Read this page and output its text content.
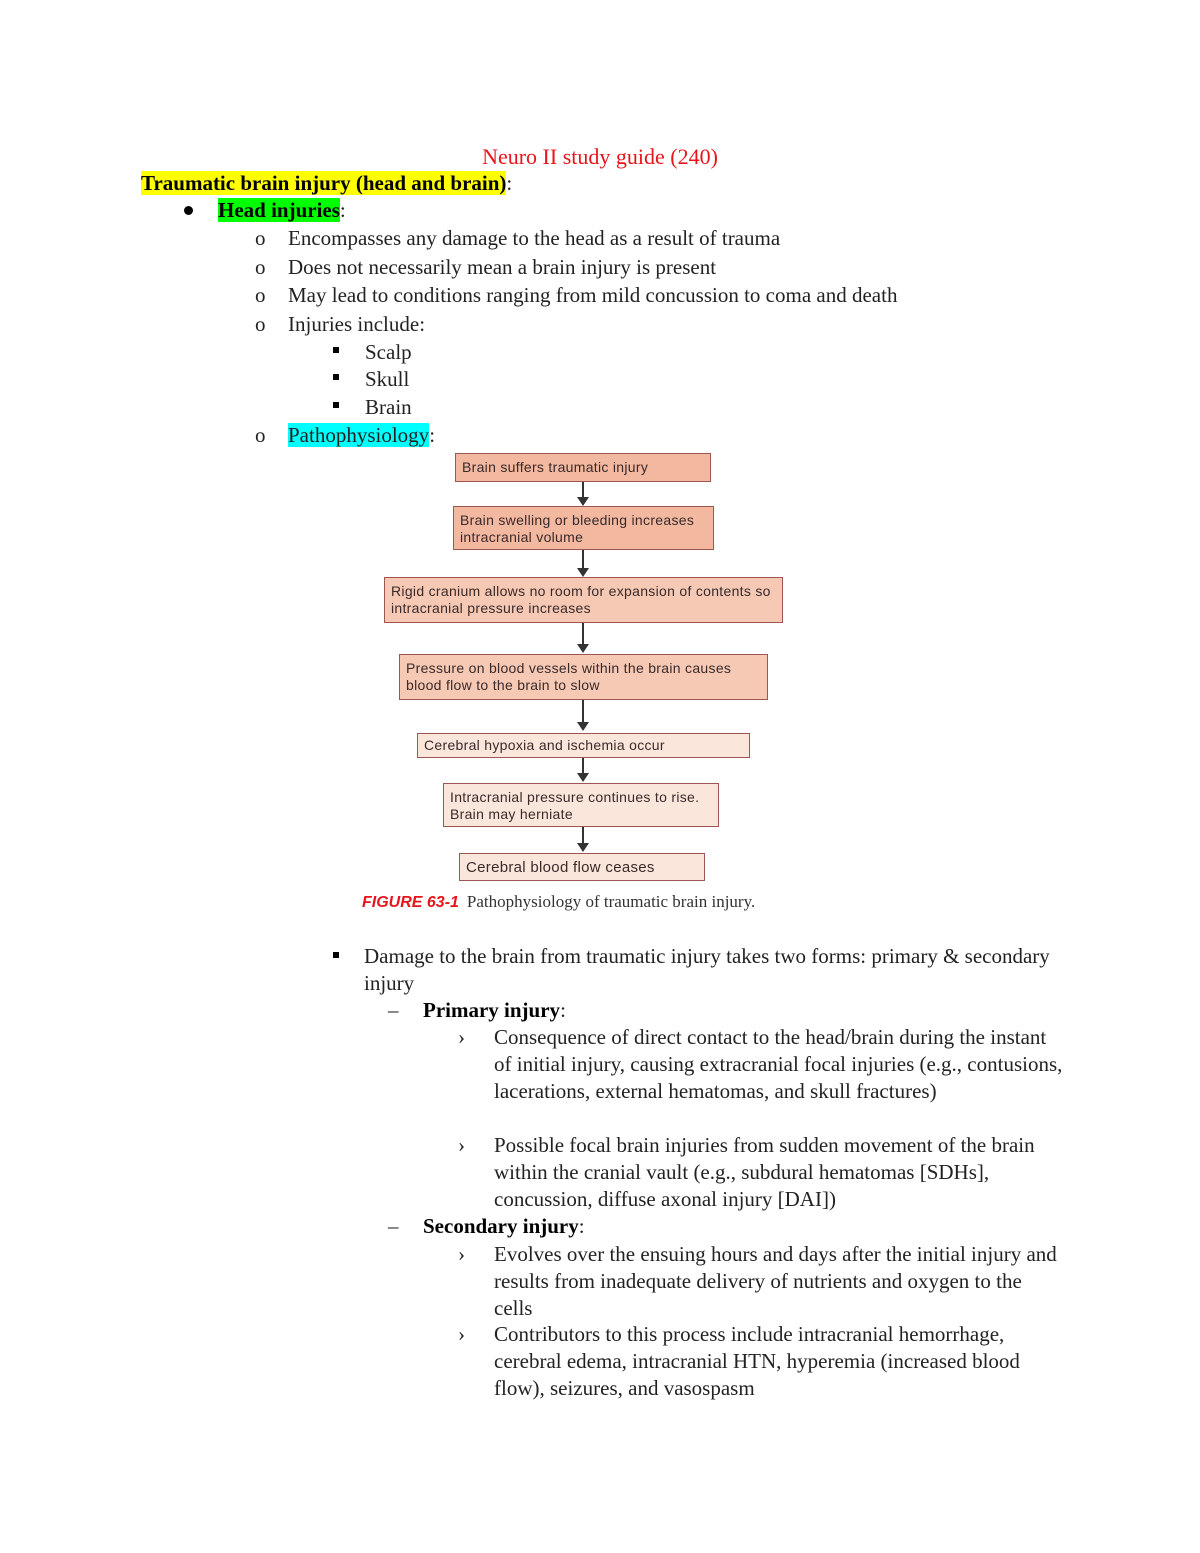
Neuro II study guide (240)
Traumatic brain injury (head and brain):
Head injuries:
o Encompasses any damage to the head as a result of trauma
o Does not necessarily mean a brain injury is present
o May lead to conditions ranging from mild concussion to coma and death
o Injuries include:
Scalp
Skull
Brain
o Pathophysiology:
Brain suffers traumatic injury
Brain swelling or bleeding increases intracranial volume
Rigid cranium allows no room for expansion of contents so intracranial pressure increases
Pressure on blood vessels within the brain causes blood flow to the brain to slow
Cerebral hypoxia and ischemia occur
Intracranial pressure continues to rise. Brain may herniate
Cerebral blood flow ceases
FIGURE 63-1 Pathophysiology of traumatic brain injury.
Damage to the brain from traumatic injury takes two forms: primary & secondary injury
– Primary injury:
› Consequence of direct contact to the head/brain during the instant of initial injury, causing extracranial focal injuries (e.g., contusions, lacerations, external hematomas, and skull fractures)
› Possible focal brain injuries from sudden movement of the brain within the cranial vault (e.g., subdural hematomas [SDHs], concussion, diffuse axonal injury [DAI])
– Secondary injury:
› Evolves over the ensuing hours and days after the initial injury and results from inadequate delivery of nutrients and oxygen to the cells
› Contributors to this process include intracranial hemorrhage, cerebral edema, intracranial HTN, hyperemia (increased blood flow), seizures, and vasospasm
